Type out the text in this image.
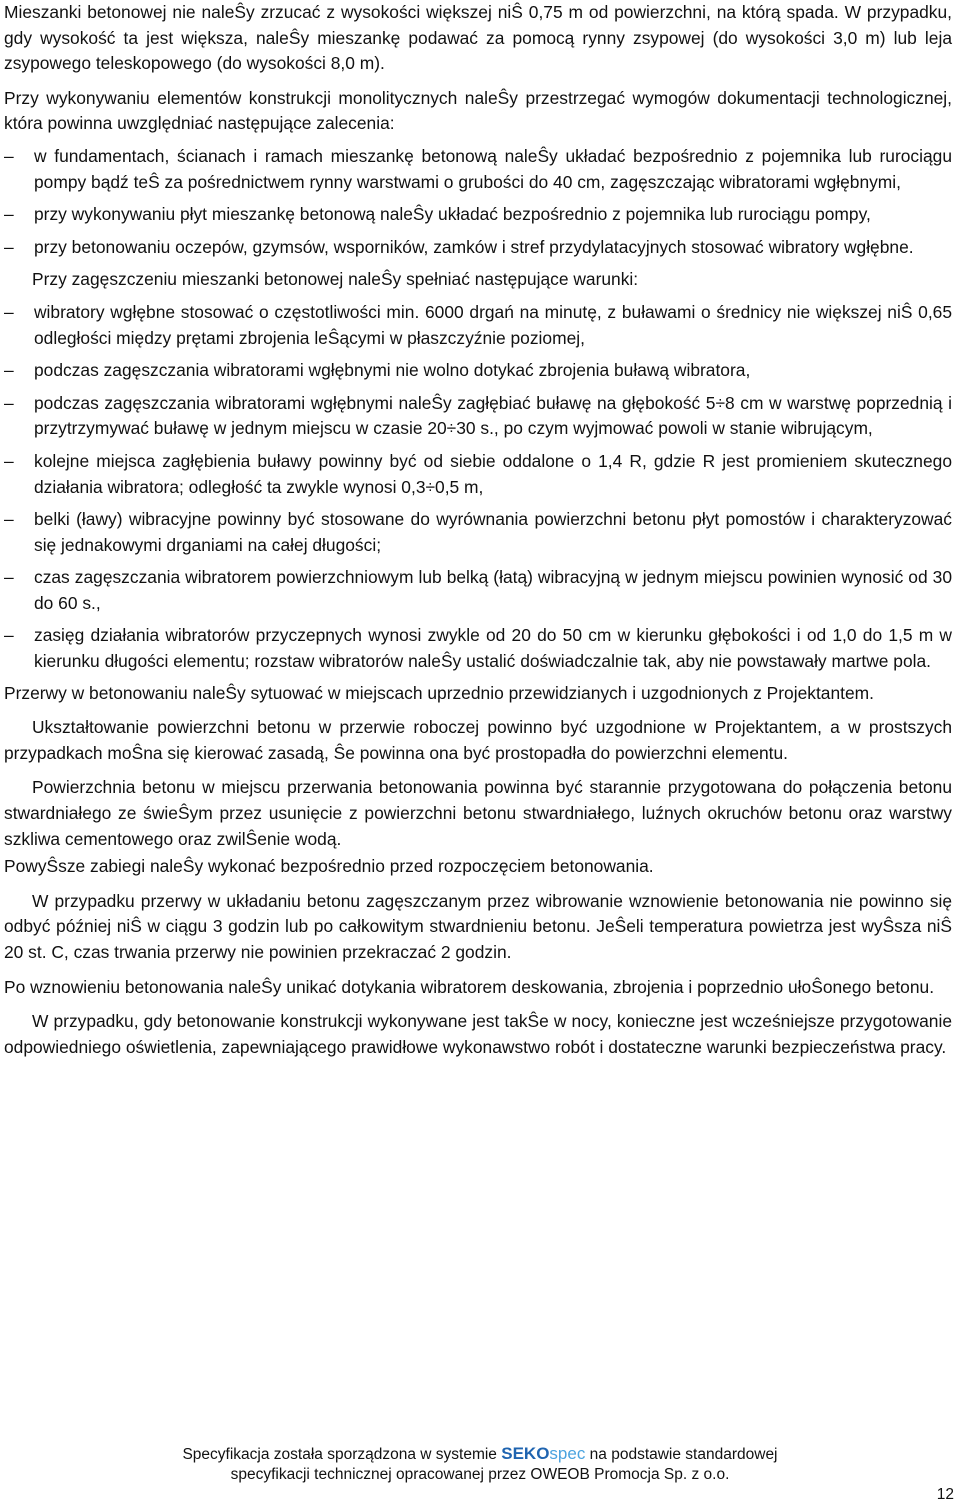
Mieszanki betonowej nie naleŜy zrzucać z wysokości większej niŜ 0,75 m od powierzchni, na którą spada. W przypadku, gdy wysokość ta jest większa, naleŜy mieszankę podawać za pomocą rynny zsypowej (do wysokości 3,0 m) lub leja zsypowego teleskopowego (do wysokości 8,0 m).

Przy wykonywaniu elementów konstrukcji monolitycznych naleŜy przestrzegać wymogów dokumentacji technologicznej, która powinna uwzględniać następujące zalecenia:

–	w fundamentach, ścianach i ramach mieszankę betonową naleŜy układać bezpośrednio z pojemnika lub rurociągu pompy bądź teŜ za pośrednictwem rynny warstwami o grubości do 40 cm, zagęszczając wibratorami wgłębnymi,
–	przy wykonywaniu płyt mieszankę betonową naleŜy układać bezpośrednio z pojemnika lub rurociągu pompy,
–	przy betonowaniu oczepów, gzymsów, wsporników, zamków i stref przydylatacyjnych stosować wibratory wgłębne.

Przy zagęszczeniu mieszanki betonowej naleŜy spełniać następujące warunki:

–	wibratory wgłębne stosować o częstotliwości min. 6000 drgań na minutę, z buławami o średnicy nie większej niŜ 0,65 odległości między prętami zbrojenia leŜącymi w płaszczyźnie poziomej,
–	podczas zagęszczania wibratorami wgłębnymi nie wolno dotykać zbrojenia buławą wibratora,
–	podczas zagęszczania wibratorami wgłębnymi naleŜy zagłębiać buławę na głębokość 5÷8 cm w warstwę poprzednią i przytrzymywać buławę w jednym miejscu w czasie 20÷30 s., po czym wyjmować powoli w stanie wibrującym,
–	kolejne miejsca zagłębienia buławy powinny być od siebie oddalone o 1,4 R, gdzie R jest promieniem skutecznego działania wibratora; odległość ta zwykle wynosi 0,3÷0,5 m,
–	belki (ławy) wibracyjne powinny być stosowane do wyrównania powierzchni betonu płyt pomostów i charakteryzować się jednakowymi drganiami na całej długości;
–	czas zagęszczania wibratorem powierzchniowym lub belką (łatą) wibracyjną w jednym miejscu powinien wynosić od 30 do 60 s.,
–	zasięg działania wibratorów przyczepnych wynosi zwykle od 20 do 50 cm w kierunku głębokości i od 1,0 do 1,5 m w kierunku długości elementu; rozstaw wibratorów naleŜy ustalić doświadczalnie tak, aby nie powstawały martwe pola.

Przerwy w betonowaniu naleŜy sytuować w miejscach uprzednio przewidzianych i uzgodnionych z Projektantem.

Ukształtowanie powierzchni betonu w przerwie roboczej powinno być uzgodnione w Projektantem, a w prostszych przypadkach moŜna się kierować zasadą, Ŝe powinna ona być prostopadła do powierzchni elementu.

Powierzchnia betonu w miejscu przerwania betonowania powinna być starannie przygotowana do połączenia betonu stwardniałego ze świeŜym przez usunięcie z powierzchni betonu stwardniałego, luźnych okruchów betonu oraz warstwy szkliwa cementowego oraz zwilŜenie wodą.

PowyŜsze zabiegi naleŜy wykonać bezpośrednio przed rozpoczęciem betonowania.

W przypadku przerwy w układaniu betonu zagęszczanym przez wibrowanie wznowienie betonowania nie powinno się odbyć później niŜ w ciągu 3 godzin lub po całkowitym stwardnieniu betonu. JeŜeli temperatura powietrza jest wyŜsza niŜ 20 st. C, czas trwania przerwy nie powinien przekraczać 2 godzin.

Po wznowieniu betonowania naleŜy unikać dotykania wibratorem deskowania, zbrojenia i poprzednio ułoŜonego betonu.

W przypadku, gdy betonowanie konstrukcji wykonywane jest takŜe w nocy, konieczne jest wcześniejsze przygotowanie odpowiedniego oświetlenia, zapewniającego prawidłowe wykonawstwo robót i dostateczne warunki bezpieczeństwa pracy.

Specyfikacja została sporządzona w systemie SEKOspec na podstawie standardowej
specyfikacji technicznej opracowanej przez OWEOB Promocja Sp. z o.o.
12
